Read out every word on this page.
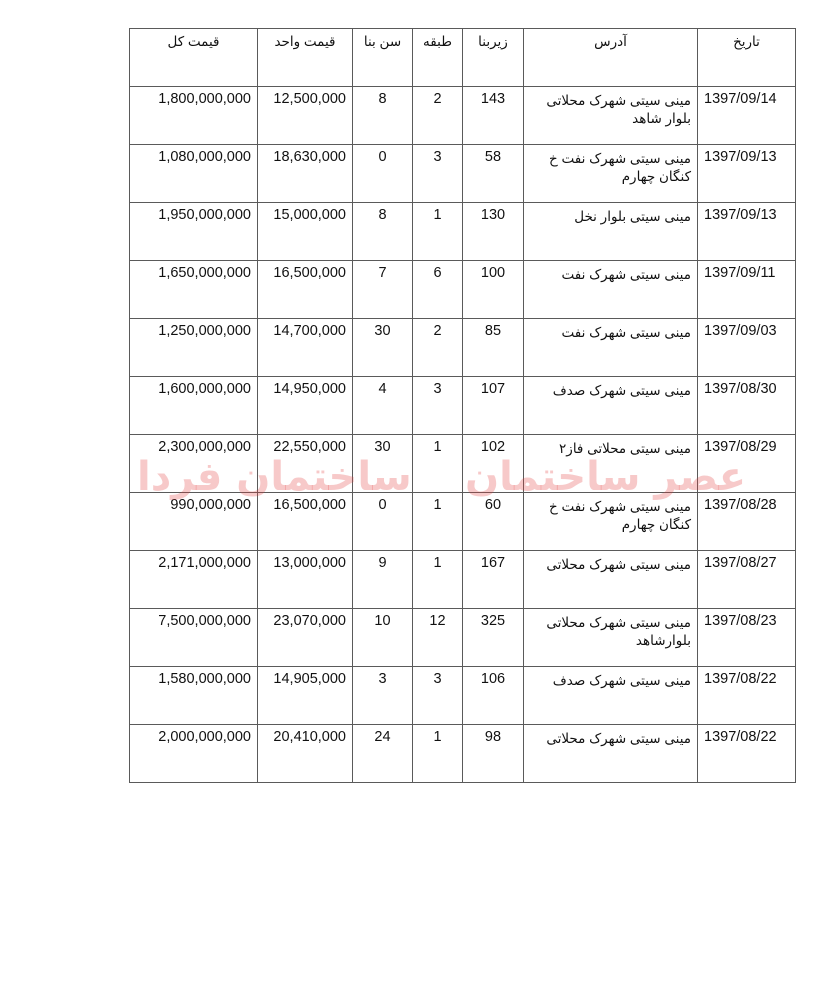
تاریخ	آدرس	زیربنا	طبقه	سن بنا	قیمت واحد	قیمت کل
1397/09/14	مینی سیتی شهرک محلاتی بلوار شاهد	143	2	8	12,500,000	1,800,000,000
1397/09/13	مینی سیتی شهرک نفت خ کنگان چهارم	58	3	0	18,630,000	1,080,000,000
1397/09/13	مینی سیتی بلوار نخل	130	1	8	15,000,000	1,950,000,000
1397/09/11	مینی سیتی شهرک نفت	100	6	7	16,500,000	1,650,000,000
1397/09/03	مینی سیتی شهرک نفت	85	2	30	14,700,000	1,250,000,000
1397/08/30	مینی سیتی شهرک صدف	107	3	4	14,950,000	1,600,000,000
1397/08/29	مینی سیتی محلاتی فاز۲	102	1	30	22,550,000	2,300,000,000
1397/08/28	مینی سیتی شهرک نفت خ کنگان چهارم	60	1	0	16,500,000	990,000,000
1397/08/27	مینی سیتی شهرک محلاتی	167	1	9	13,000,000	2,171,000,000
1397/08/23	مینی سیتی شهرک محلاتی بلوارشاهد	325	12	10	23,070,000	7,500,000,000
1397/08/22	مینی سیتی شهرک صدف	106	3	3	14,905,000	1,580,000,000
1397/08/22	مینی سیتی شهرک محلاتی	98	1	24	20,410,000	2,000,000,000
ساختمان فردا عصر ساختمان
